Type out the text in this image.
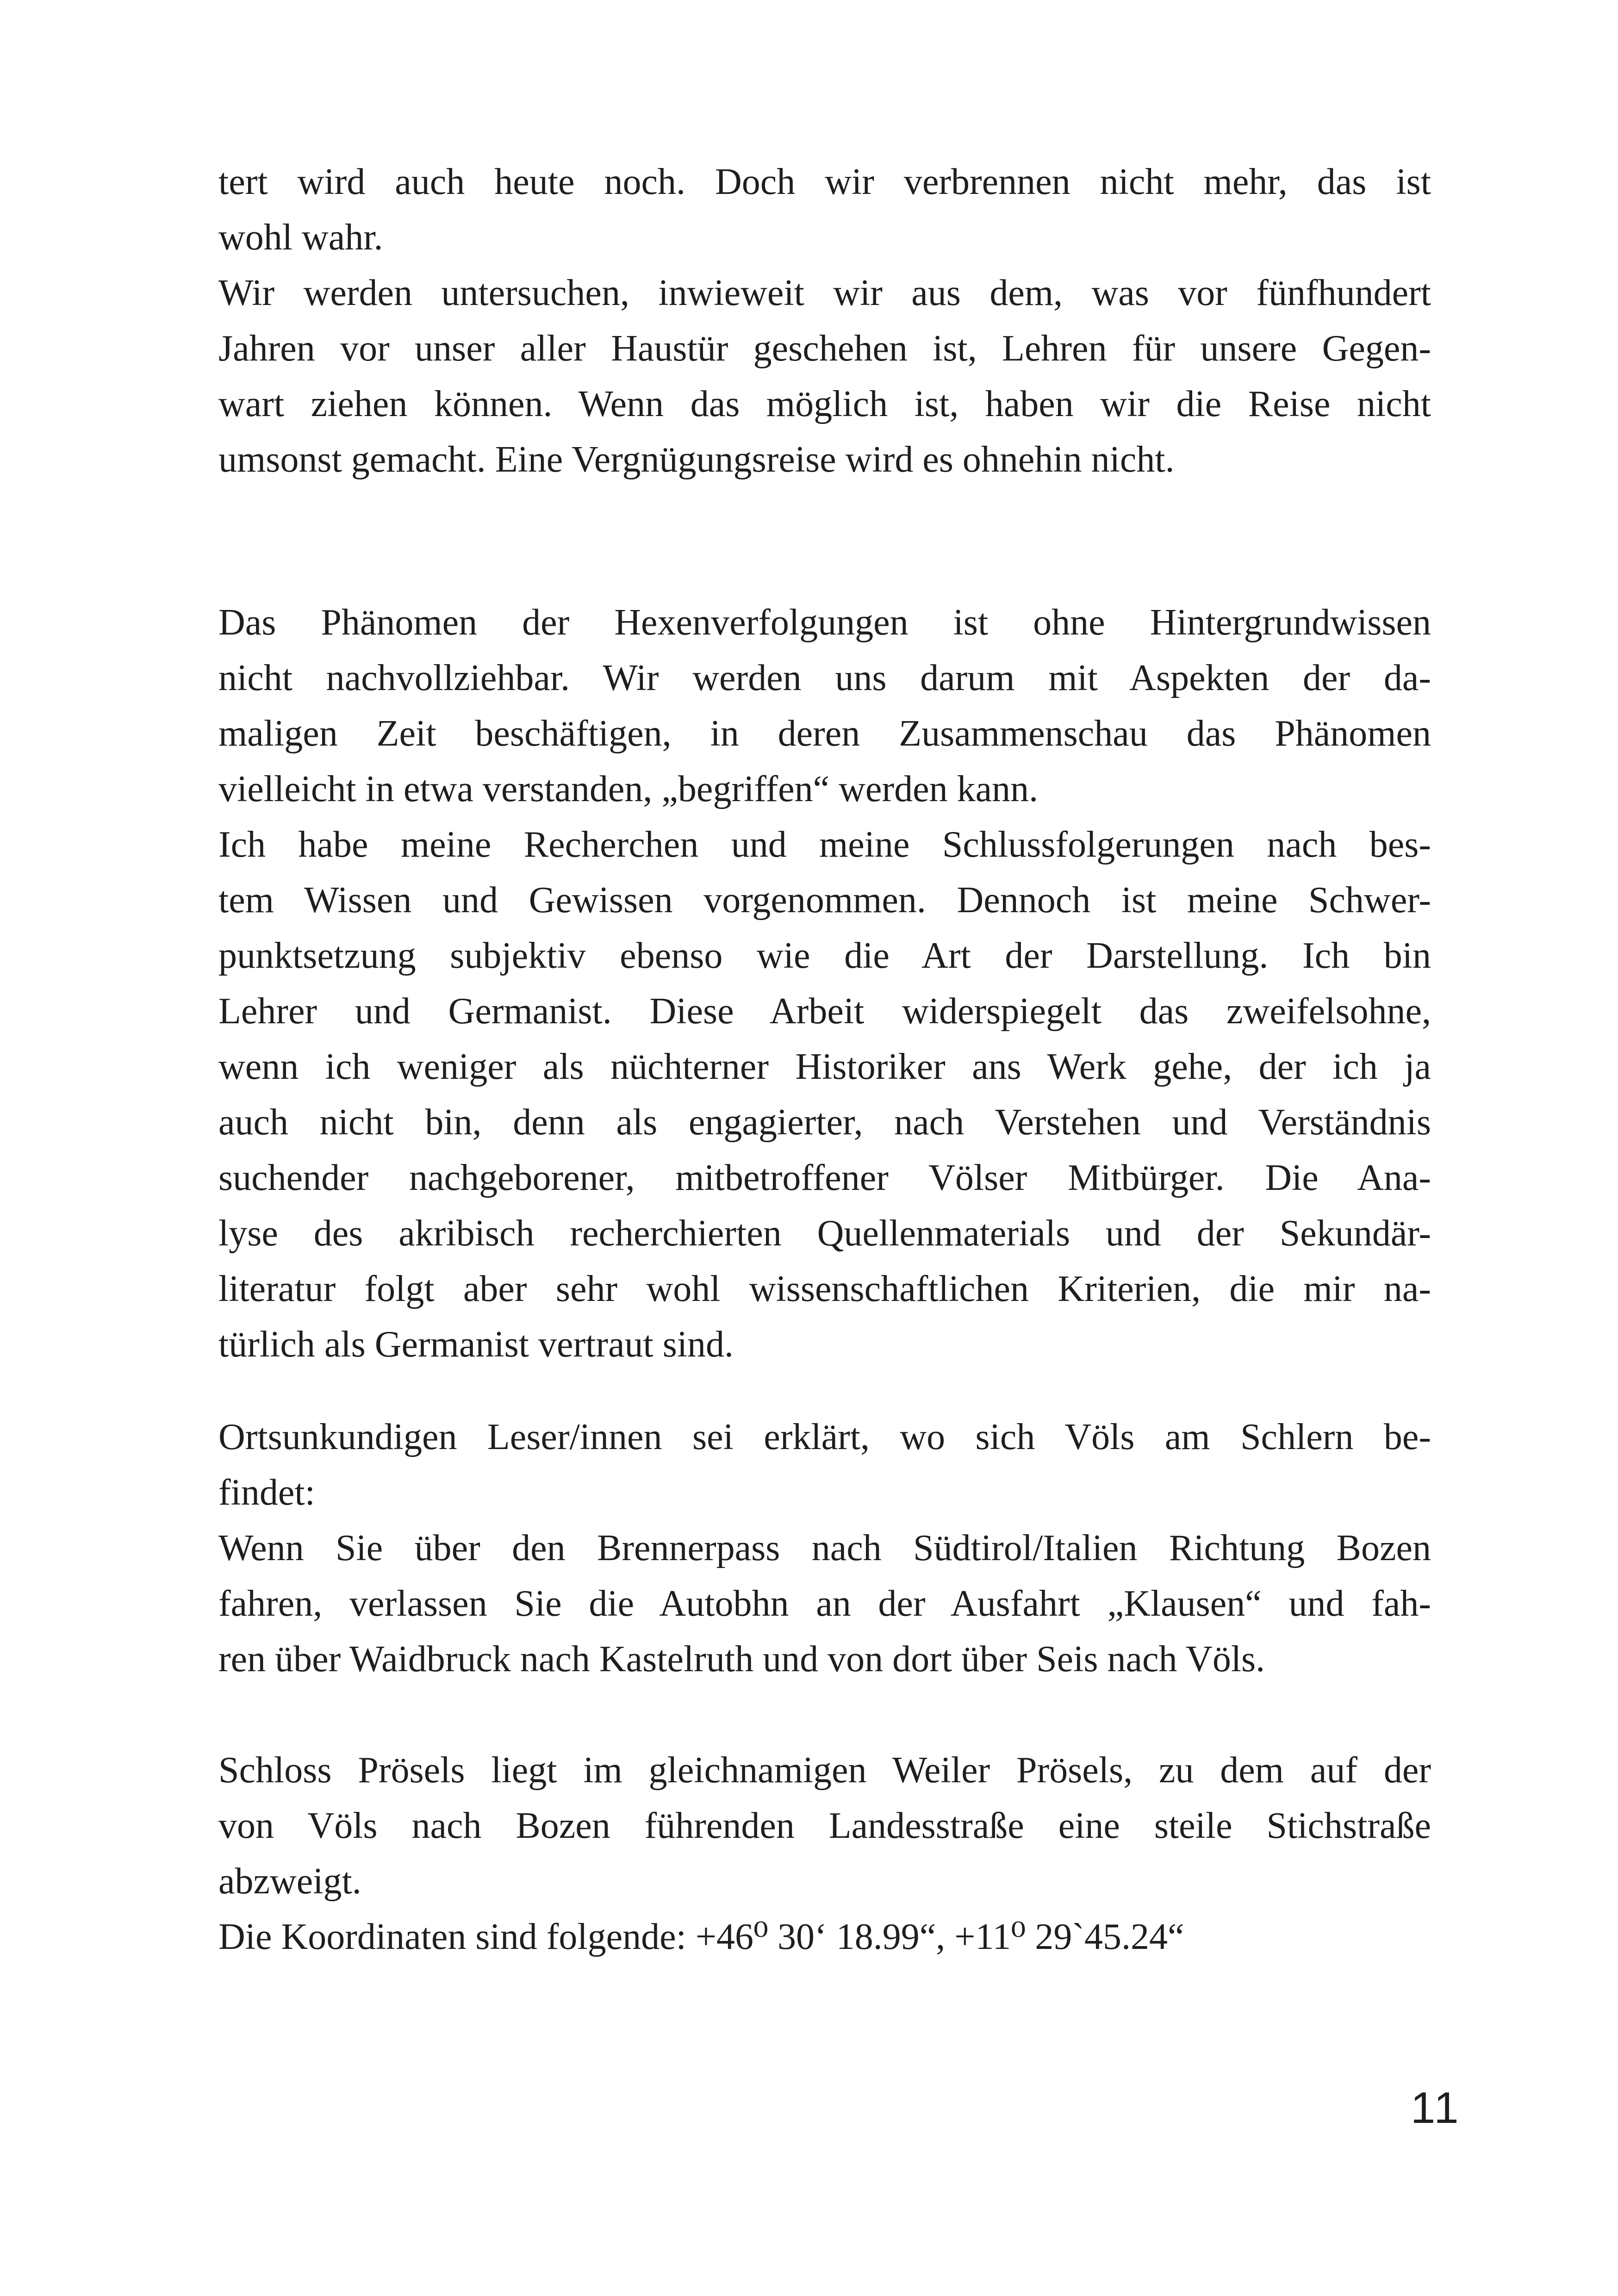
tert wird auch heute noch. Doch wir verbrennen nicht mehr, das ist
wohl wahr.
Wir werden untersuchen, inwieweit wir aus dem, was vor fünfhundert
Jahren vor unser aller Haustür geschehen ist, Lehren für unsere Gegen-
wart ziehen können. Wenn das möglich ist, haben wir die Reise nicht
umsonst gemacht. Eine Vergnügungsreise wird es ohnehin nicht.
Das Phänomen der Hexenverfolgungen ist ohne Hintergrundwissen
nicht nachvollziehbar. Wir werden uns darum mit Aspekten der da-
maligen Zeit beschäftigen, in deren Zusammenschau das Phänomen
vielleicht in etwa verstanden, „begriffen“ werden kann.
Ich habe meine Recherchen und meine Schlussfolgerungen nach bes-
tem Wissen und Gewissen vorgenommen. Dennoch ist meine Schwer-
punktsetzung subjektiv ebenso wie die Art der Darstellung. Ich bin
Lehrer und Germanist. Diese Arbeit widerspiegelt das zweifelsohne,
wenn ich weniger als nüchterner Historiker ans Werk gehe, der ich ja
auch nicht bin, denn als engagierter, nach Verstehen und Verständnis
suchender nachgeborener, mitbetroffener Völser Mitbürger. Die Ana-
lyse des akribisch recherchierten Quellenmaterials und der Sekundär-
literatur folgt aber sehr wohl wissenschaftlichen Kriterien, die mir na-
türlich als Germanist vertraut sind.
Ortsunkundigen Leser/innen sei erklärt, wo sich Völs am Schlern be-
findet:
Wenn Sie über den Brennerpass nach Südtirol/Italien Richtung Bozen
fahren, verlassen Sie die Autobhn an der Ausfahrt „Klausen“ und fah-
ren über Waidbruck nach Kastelruth und von dort über Seis nach Völs.
Schloss Prösels liegt im gleichnamigen Weiler Prösels, zu dem auf der
von Völs nach Bozen führenden Landesstraße eine steile Stichstraße
abzweigt.
Die Koordinaten sind folgende: +46⁰ 30‘ 18.99“, +11⁰ 29`45.24“
11
